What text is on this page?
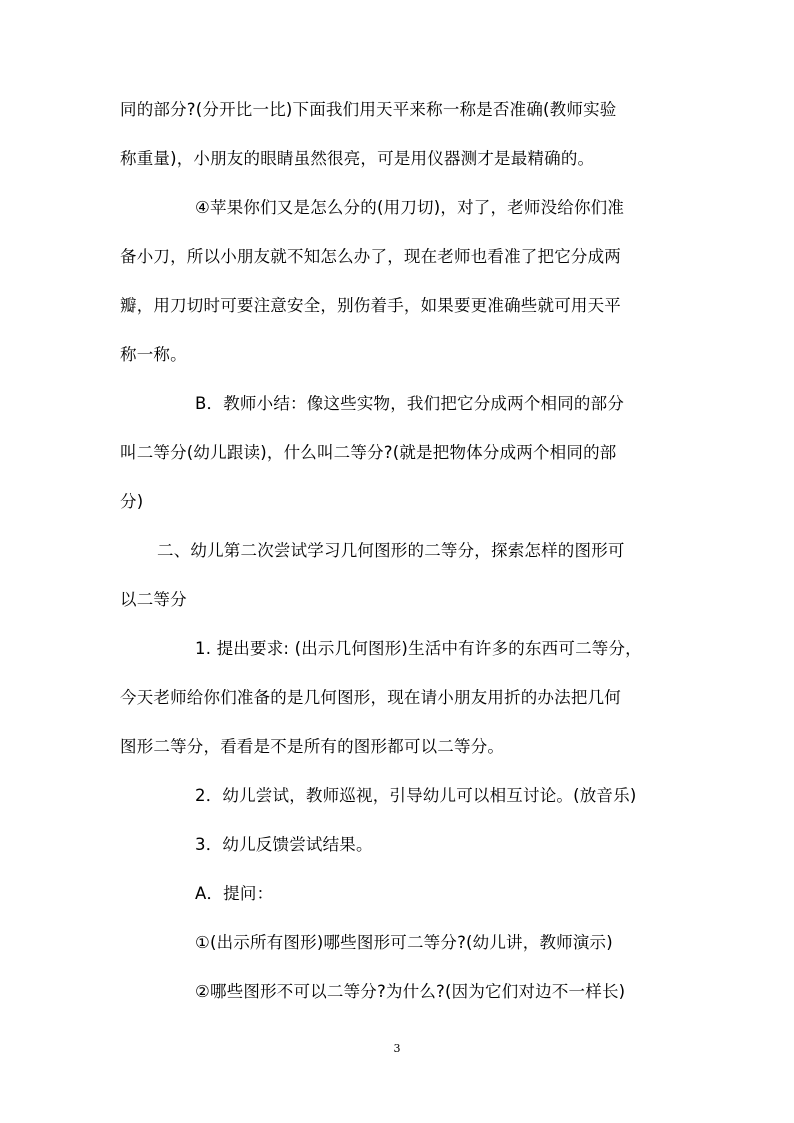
同的部分?(分开比一比)下面我们用天平来称一称是否准确(教师实验
称重量)，小朋友的眼睛虽然很亮，可是用仪器测才是最精确的。
④苹果你们又是怎么分的(用刀切)，对了，老师没给你们准
备小刀，所以小朋友就不知怎么办了，现在老师也看准了把它分成两
瓣，用刀切时可要注意安全，别伤着手，如果要更准确些就可用天平
称一称。
B．教师小结：像这些实物，我们把它分成两个相同的部分
叫二等分(幼儿跟读)，什么叫二等分?(就是把物体分成两个相同的部
分)
二、幼儿第二次尝试学习几何图形的二等分，探索怎样的图形可
以二等分
1. 提出要求: (出示几何图形)生活中有许多的东西可二等分，
今天老师给你们准备的是几何图形，现在请小朋友用折的办法把几何
图形二等分，看看是不是所有的图形都可以二等分。
2．幼儿尝试，教师巡视，引导幼儿可以相互讨论。(放音乐)
3．幼儿反馈尝试结果。
A．提问：
①(出示所有图形)哪些图形可二等分?(幼儿讲，教师演示)
②哪些图形不可以二等分?为什么?(因为它们对边不一样长)
3
